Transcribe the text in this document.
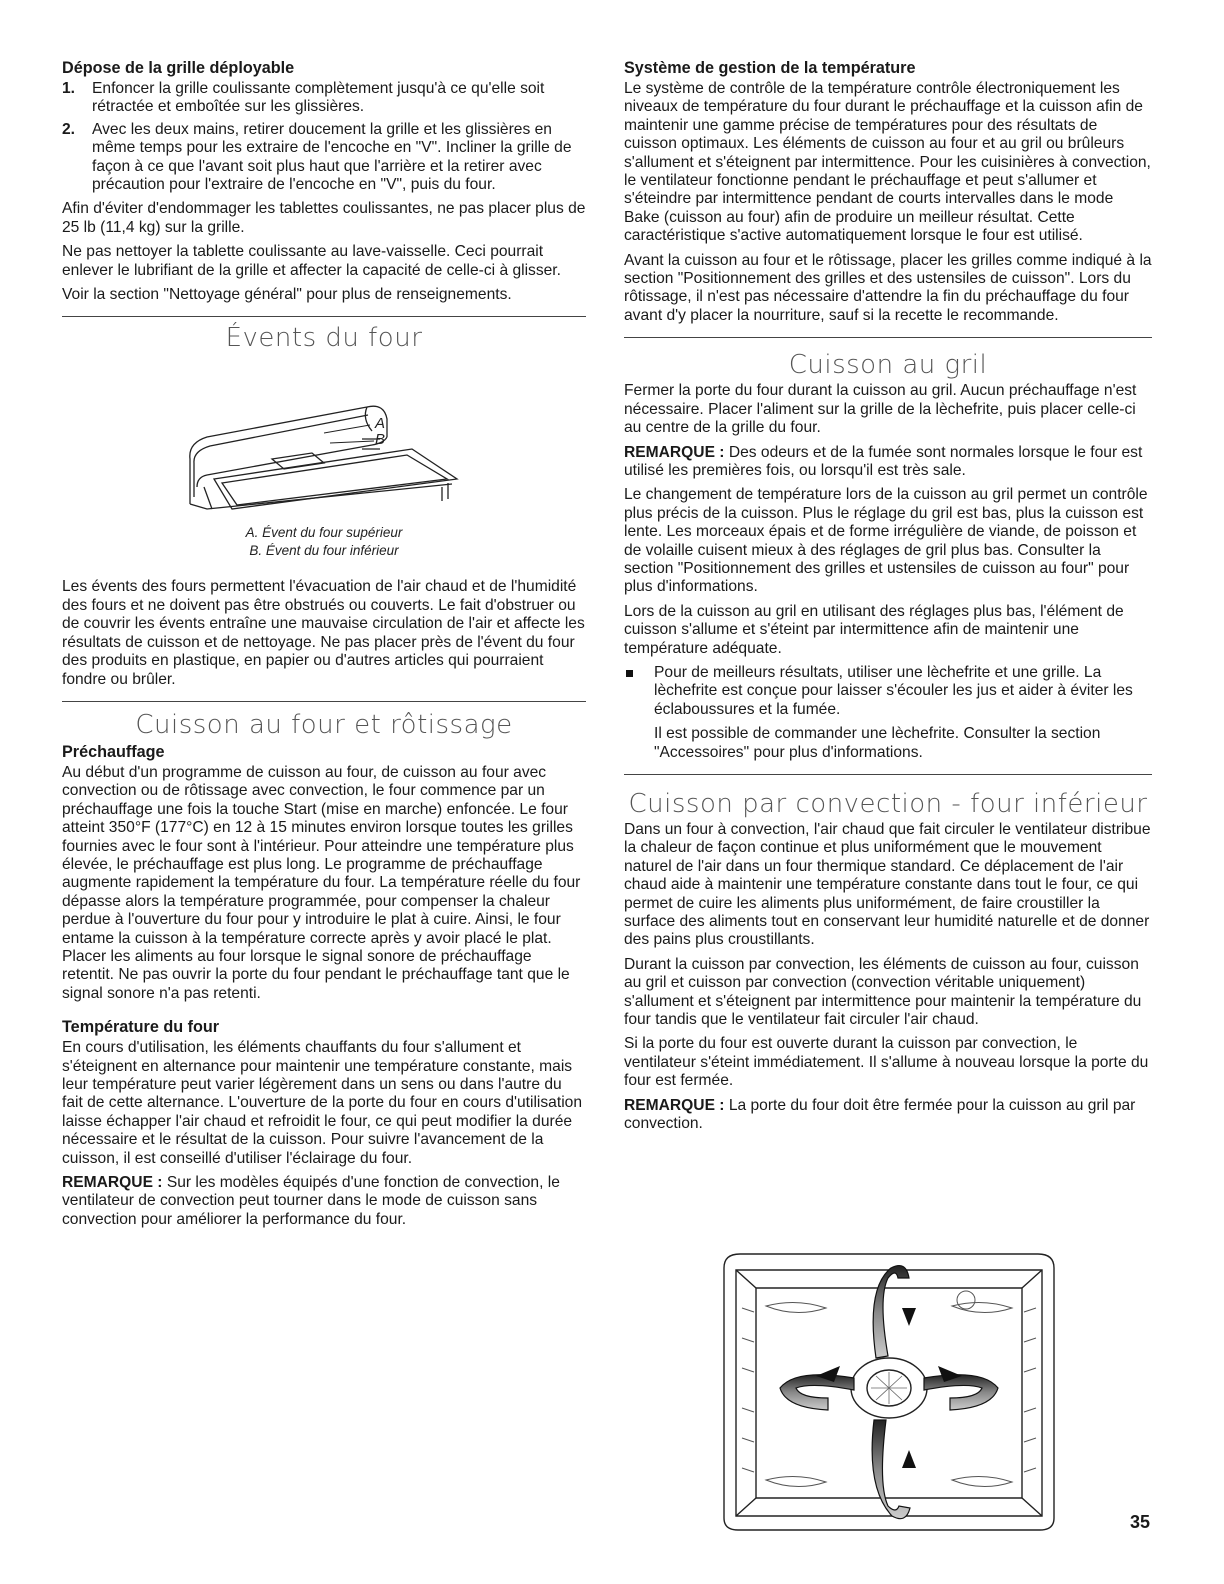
Dépose de la grille déployable
1. Enfoncer la grille coulissante complètement jusqu'à ce qu'elle soit rétractée et emboîtée sur les glissières.
2. Avec les deux mains, retirer doucement la grille et les glissières en même temps pour les extraire de l'encoche en "V". Incliner la grille de façon à ce que l'avant soit plus haut que l'arrière et la retirer avec précaution pour l'extraire de l'encoche en "V", puis du four.

Afin d'éviter d'endommager les tablettes coulissantes, ne pas placer plus de 25 lb (11,4 kg) sur la grille.

Ne pas nettoyer la tablette coulissante au lave-vaisselle. Ceci pourrait enlever le lubrifiant de la grille et affecter la capacité de celle-ci à glisser.

Voir la section "Nettoyage général" pour plus de renseignements.

Évents du four
A
B

A. Évent du four supérieur

B. Évent du four inférieur

Les évents des fours permettent l'évacuation de l'air chaud et de l'humidité des fours et ne doivent pas être obstrués ou couverts. Le fait d'obstruer ou de couvrir les évents entraîne une mauvaise circulation de l'air et affecte les résultats de cuisson et de nettoyage. Ne pas placer près de l'évent du four des produits en plastique, en papier ou d'autres articles qui pourraient fondre ou brûler.

Cuisson au four et rôtissage
Préchauffage

Au début d'un programme de cuisson au four, de cuisson au four avec convection ou de rôtissage avec convection, le four commence par un préchauffage une fois la touche Start (mise en marche) enfoncée. Le four atteint 350°F (177°C) en 12 à 15 minutes environ lorsque toutes les grilles fournies avec le four sont à l'intérieur. Pour atteindre une température plus élevée, le préchauffage est plus long. Le programme de préchauffage augmente rapidement la température du four. La température réelle du four dépasse alors la température programmée, pour compenser la chaleur perdue à l'ouverture du four pour y introduire le plat à cuire. Ainsi, le four entame la cuisson à la température correcte après y avoir placé le plat. Placer les aliments au four lorsque le signal sonore de préchauffage retentit. Ne pas ouvrir la porte du four pendant le préchauffage tant que le signal sonore n'a pas retenti.

Température du four

En cours d'utilisation, les éléments chauffants du four s'allument et s'éteignent en alternance pour maintenir une température constante, mais leur température peut varier légèrement dans un sens ou dans l'autre du fait de cette alternance. L'ouverture de la porte du four en cours d'utilisation laisse échapper l'air chaud et refroidit le four, ce qui peut modifier la durée nécessaire et le résultat de la cuisson. Pour suivre l'avancement de la cuisson, il est conseillé d'utiliser l'éclairage du four.

REMARQUE : Sur les modèles équipés d'une fonction de convection, le ventilateur de convection peut tourner dans le mode de cuisson sans convection pour améliorer la performance du four.

Système de gestion de la température

Le système de contrôle de la température contrôle électroniquement les niveaux de température du four durant le préchauffage et la cuisson afin de maintenir une gamme précise de températures pour des résultats de cuisson optimaux. Les éléments de cuisson au four et au gril ou brûleurs s'allument et s'éteignent par intermittence. Pour les cuisinières à convection, le ventilateur fonctionne pendant le préchauffage et peut s'allumer et s'éteindre par intermittence pendant de courts intervalles dans le mode Bake (cuisson au four) afin de produire un meilleur résultat. Cette caractéristique s'active automatiquement lorsque le four est utilisé.

Avant la cuisson au four et le rôtissage, placer les grilles comme indiqué à la section "Positionnement des grilles et des ustensiles de cuisson". Lors du rôtissage, il n'est pas nécessaire d'attendre la fin du préchauffage du four avant d'y placer la nourriture, sauf si la recette le recommande.

Cuisson au gril

Fermer la porte du four durant la cuisson au gril. Aucun préchauffage n'est nécessaire. Placer l'aliment sur la grille de la lèchefrite, puis placer celle-ci au centre de la grille du four.

REMARQUE : Des odeurs et de la fumée sont normales lorsque le four est utilisé les premières fois, ou lorsqu'il est très sale.

Le changement de température lors de la cuisson au gril permet un contrôle plus précis de la cuisson. Plus le réglage du gril est bas, plus la cuisson est lente. Les morceaux épais et de forme irrégulière de viande, de poisson et de volaille cuisent mieux à des réglages de gril plus bas. Consulter la section "Positionnement des grilles et ustensiles de cuisson au four" pour plus d'informations.

Lors de la cuisson au gril en utilisant des réglages plus bas, l'élément de cuisson s'allume et s'éteint par intermittence afin de maintenir une température adéquate.

Pour de meilleurs résultats, utiliser une lèchefrite et une grille. La lèchefrite est conçue pour laisser s'écouler les jus et aider à éviter les éclaboussures et la fumée.

Il est possible de commander une lèchefrite. Consulter la section "Accessoires" pour plus d'informations.

Cuisson par convection - four inférieur

Dans un four à convection, l'air chaud que fait circuler le ventilateur distribue la chaleur de façon continue et plus uniformément que le mouvement naturel de l'air dans un four thermique standard. Ce déplacement de l'air chaud aide à maintenir une température constante dans tout le four, ce qui permet de cuire les aliments plus uniformément, de faire croustiller la surface des aliments tout en conservant leur humidité naturelle et de donner des pains plus croustillants.

Durant la cuisson par convection, les éléments de cuisson au four, cuisson au gril et cuisson par convection (convection véritable uniquement) s'allument et s'éteignent par intermittence pour maintenir la température du four tandis que le ventilateur fait circuler l'air chaud.

Si la porte du four est ouverte durant la cuisson par convection, le ventilateur s'éteint immédiatement. Il s'allume à nouveau lorsque la porte du four est fermée.

REMARQUE : La porte du four doit être fermée pour la cuisson au gril par convection.

35
